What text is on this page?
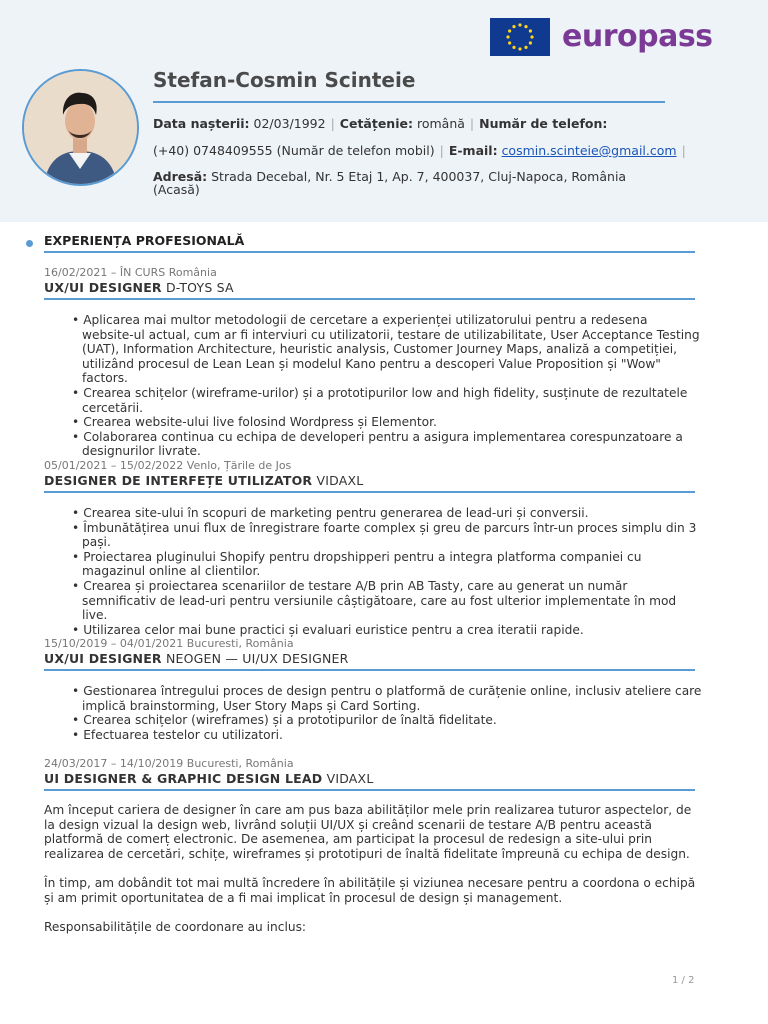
europass
Stefan-Cosmin Scinteie
Data nașterii: 02/03/1992 | Cetățenie: română | Număr de telefon:
(+40) 0748409555 (Număr de telefon mobil) | E-mail: cosmin.scinteie@gmail.com |
Adresă: Strada Decebal, Nr. 5 Etaj 1, Ap. 7, 400037, Cluj-Napoca, România
(Acasă)
EXPERIENȚA PROFESIONALĂ
16/02/2021 – ÎN CURS România
UX/UI DESIGNER D-TOYS SA
• Aplicarea mai multor metodologii de cercetare a experienței utilizatorului pentru a redesena website-ul actual, cum ar fi interviuri cu utilizatorii, testare de utilizabilitate, User Acceptance Testing (UAT), Information Architecture, heuristic analysis, Customer Journey Maps, analiză a competiției, utilizând procesul de Lean Lean și modelul Kano pentru a descoperi Value Proposition și "Wow" factors.
• Crearea schițelor (wireframe-urilor) și a prototipurilor low and high fidelity, susținute de rezultatele cercetării.
• Crearea website-ului live folosind Wordpress și Elementor.
• Colaborarea continua cu echipa de developeri pentru a asigura implementarea corespunzatoare a designurilor livrate.
05/01/2021 – 15/02/2022 Venlo, Țările de Jos
DESIGNER DE INTERFEȚE UTILIZATOR VIDAXL
• Crearea site-ului în scopuri de marketing pentru generarea de lead-uri și conversii.
• Îmbunătățirea unui flux de înregistrare foarte complex și greu de parcurs într-un proces simplu din 3 pași.
• Proiectarea pluginului Shopify pentru dropshipperi pentru a integra platforma companiei cu magazinul online al clientilor.
• Crearea și proiectarea scenariilor de testare A/B prin AB Tasty, care au generat un număr semnificativ de lead-uri pentru versiunile câștigătoare, care au fost ulterior implementate în mod live.
• Utilizarea celor mai bune practici și evaluari euristice pentru a crea iteratii rapide.
15/10/2019 – 04/01/2021 Bucuresti, România
UX/UI DESIGNER NEOGEN — UI/UX DESIGNER
• Gestionarea întregului proces de design pentru o platformă de curățenie online, inclusiv ateliere care implică brainstorming, User Story Maps și Card Sorting.
• Crearea schițelor (wireframes) și a prototipurilor de înaltă fidelitate.
• Efectuarea testelor cu utilizatori.
24/03/2017 – 14/10/2019 Bucuresti, România
UI DESIGNER & GRAPHIC DESIGN LEAD VIDAXL
Am început cariera de designer în care am pus baza abilităților mele prin realizarea tuturor aspectelor, de la design vizual la design web, livrând soluții UI/UX și creând scenarii de testare A/B pentru această platformă de comerț electronic. De asemenea, am participat la procesul de redesign a site-ului prin realizarea de cercetări, schițe, wireframes și prototipuri de înaltă fidelitate împreună cu echipa de design.
În timp, am dobândit tot mai multă încredere în abilitățile și viziunea necesare pentru a coordona o echipă și am primit oportunitatea de a fi mai implicat în procesul de design și management.
Responsabilitățile de coordonare au inclus:
1 / 2
